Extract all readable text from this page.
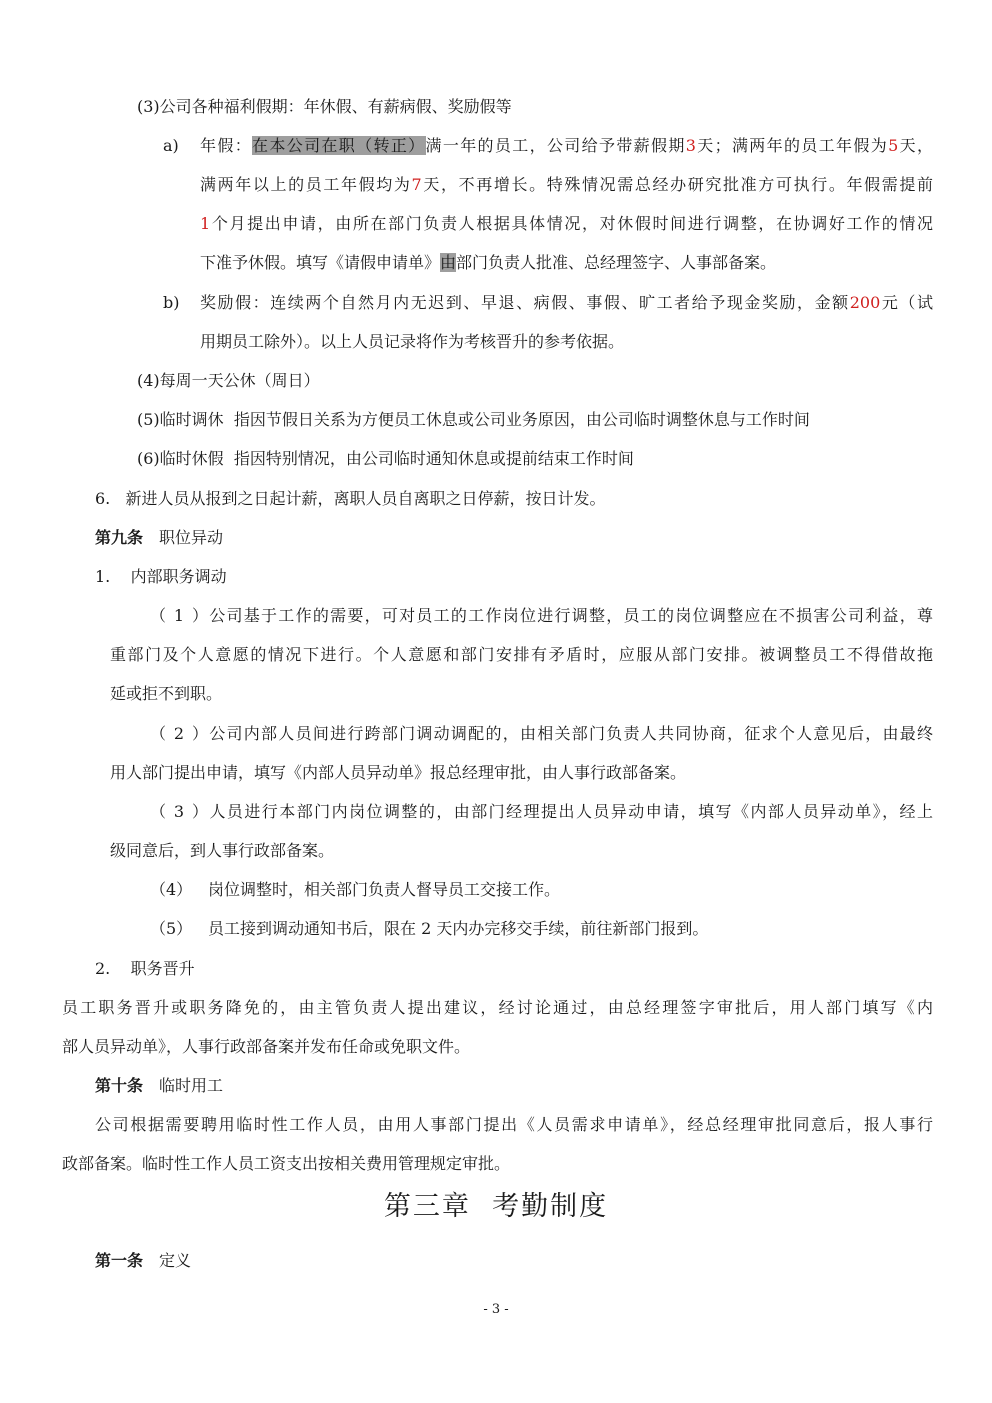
(3)公司各种福利假期：年休假、有薪病假、奖励假等
a) 年假：在本公司在职（转正）满一年的员工，公司给予带薪假期3天；满两年的员工年假为5天，
满两年以上的员工年假均为7天，不再增长。特殊情况需总经办研究批准方可执行。年假需提前
1个月提出申请，由所在部门负责人根据具体情况，对休假时间进行调整，在协调好工作的情况
下准予休假。填写《请假申请单》由部门负责人批准、总经理签字、人事部备案。
b) 奖励假：连续两个自然月内无迟到、早退、病假、事假、旷工者给予现金奖励，金额200元（试
用期员工除外）。以上人员记录将作为考核晋升的参考依据。
(4)每周一天公休（周日）
(5)临时调休  指因节假日关系为方便员工休息或公司业务原因，由公司临时调整休息与工作时间
(6)临时休假  指因特别情况，由公司临时通知休息或提前结束工作时间
6.   新进人员从报到之日起计薪，离职人员自离职之日停薪，按日计发。
第九条 职位异动
1.    内部职务调动
（1）公司基于工作的需要，可对员工的工作岗位进行调整，员工的岗位调整应在不损害公司利益，尊
重部门及个人意愿的情况下进行。个人意愿和部门安排有矛盾时，应服从部门安排。被调整员工不得借故拖
延或拒不到职。
（2）公司内部人员间进行跨部门调动调配的，由相关部门负责人共同协商，征求个人意见后，由最终
用人部门提出申请，填写《内部人员异动单》报总经理审批，由人事行政部备案。
（3）人员进行本部门内岗位调整的，由部门经理提出人员异动申请，填写《内部人员异动单》，经上
级同意后，到人事行政部备案。
（4） 岗位调整时，相关部门负责人督导员工交接工作。
（5） 员工接到调动通知书后，限在 2 天内办完移交手续，前往新部门报到。
2.    职务晋升
员工职务晋升或职务降免的，由主管负责人提出建议，经讨论通过，由总经理签字审批后，用人部门填写《内
部人员异动单》，人事行政部备案并发布任命或免职文件。
第十条 临时用工
公司根据需要聘用临时性工作人员，由用人事部门提出《人员需求申请单》，经总经理审批同意后，报人事行
政部备案。临时性工作人员工资支出按相关费用管理规定审批。
第三章  考勤制度
第一条 定义
- 3 -
